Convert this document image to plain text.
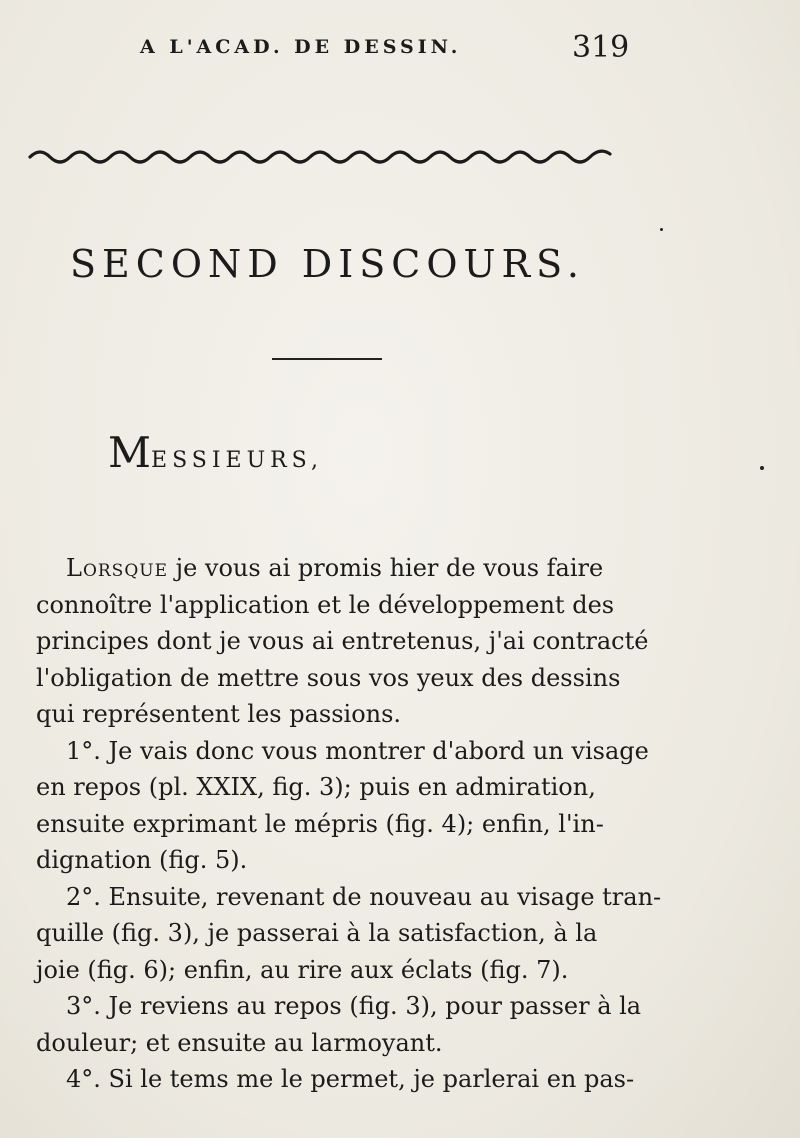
A L'ACAD. DE DESSIN.	319
SECOND DISCOURS.
MESSIEURS,
Lorsque je vous ai promis hier de vous faire
connoître l'application et le développement des
principes dont je vous ai entretenus, j'ai contracté
l'obligation de mettre sous vos yeux des dessins
qui représentent les passions.
1°. Je vais donc vous montrer d'abord un visage
en repos (pl. XXIX, fig. 3); puis en admiration,
ensuite exprimant le mépris (fig. 4); enfin, l'in-
dignation (fig. 5).
2°. Ensuite, revenant de nouveau au visage tran-
quille (fig. 3), je passerai à la satisfaction, à la
joie (fig. 6); enfin, au rire aux éclats (fig. 7).
3°. Je reviens au repos (fig. 3), pour passer à la
douleur; et ensuite au larmoyant.
4°. Si le tems me le permet, je parlerai en pas-
